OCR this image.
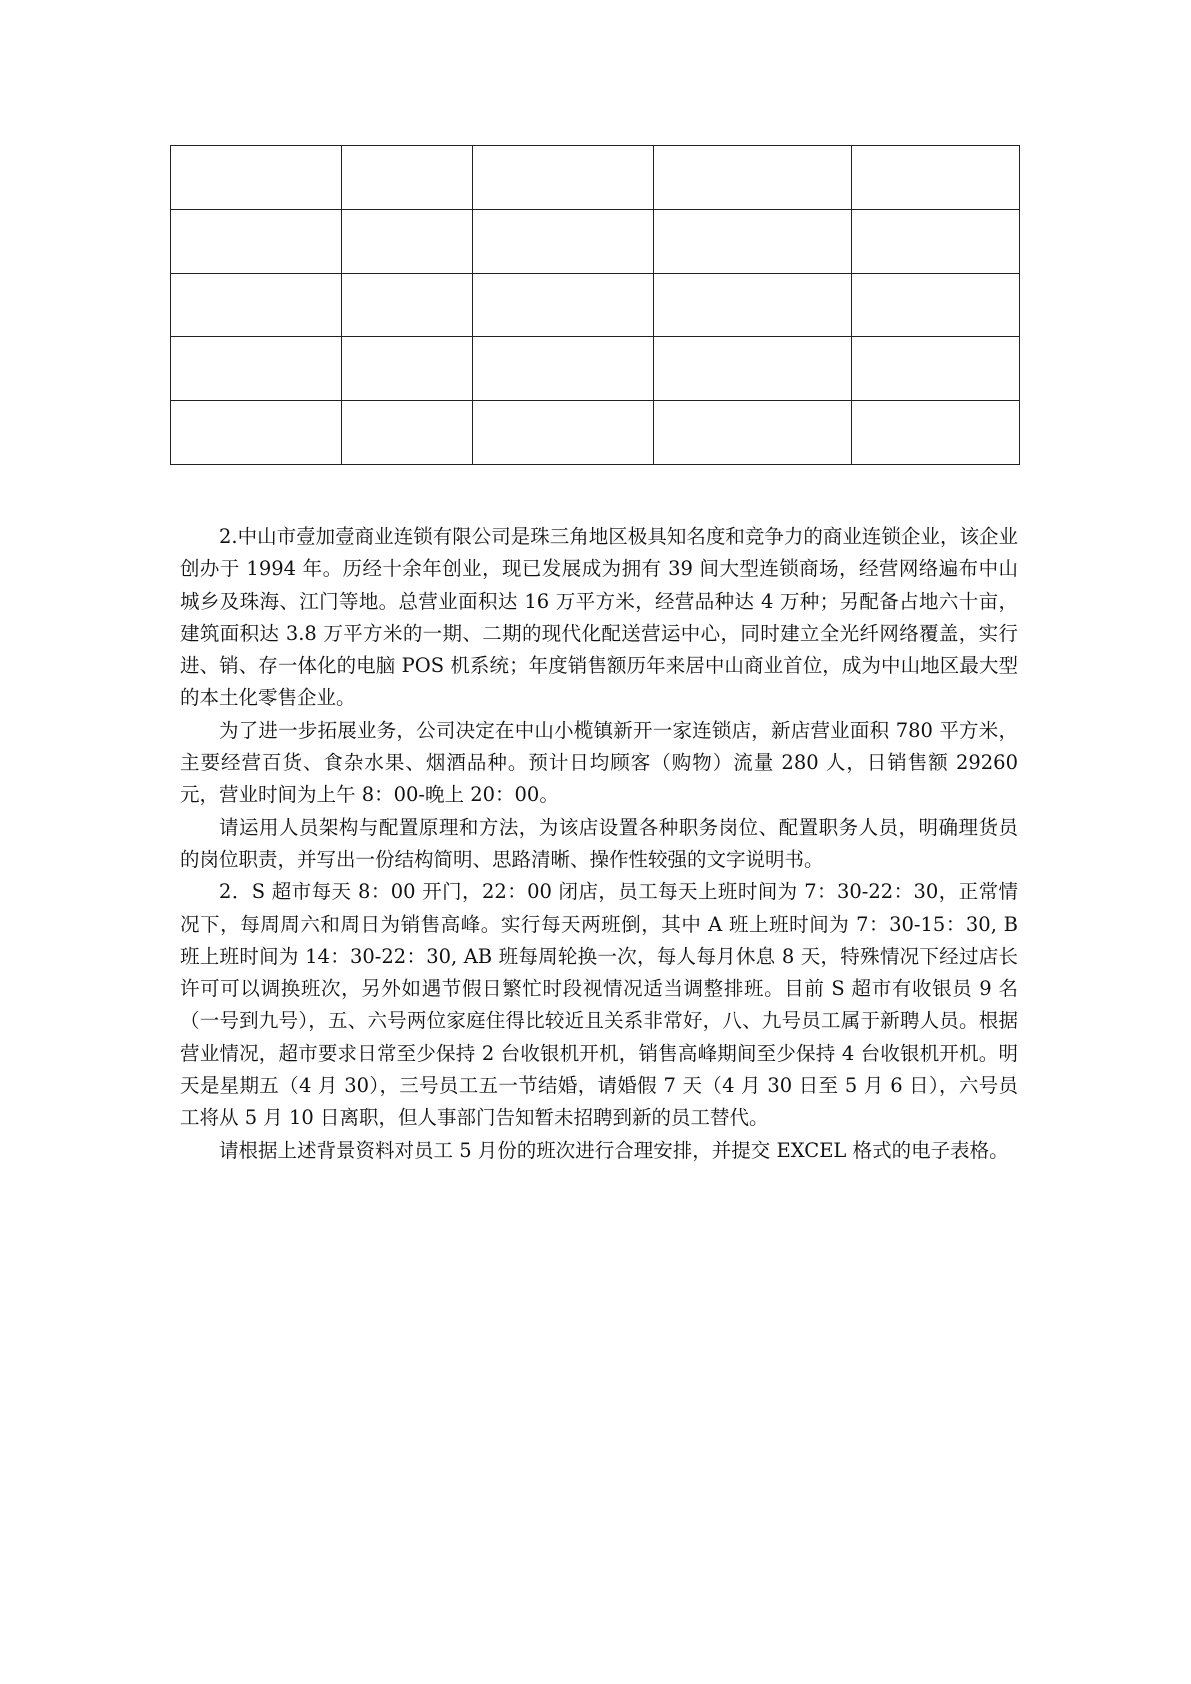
2.中山市壹加壹商业连锁有限公司是珠三角地区极具知名度和竞争力的商业连锁企业，该企业创办于 1994 年。历经十余年创业，现已发展成为拥有 39 间大型连锁商场，经营网络遍布中山城乡及珠海、江门等地。总营业面积达 16 万平方米，经营品种达 4 万种；另配备占地六十亩，建筑面积达 3.8 万平方米的一期、二期的现代化配送营运中心，同时建立全光纤网络覆盖，实行进、销、存一体化的电脑 POS 机系统；年度销售额历年来居中山商业首位，成为中山地区最大型的本土化零售企业。

为了进一步拓展业务，公司决定在中山小榄镇新开一家连锁店，新店营业面积 780 平方米，主要经营百货、食杂水果、烟酒品种。预计日均顾客（购物）流量 280 人，日销售额 29260 元，营业时间为上午 8：00-晚上 20：00。

请运用人员架构与配置原理和方法，为该店设置各种职务岗位、配置职务人员，明确理货员的岗位职责，并写出一份结构简明、思路清晰、操作性较强的文字说明书。

2．S 超市每天 8：00 开门，22：00 闭店，员工每天上班时间为 7：30-22：30，正常情况下，每周周六和周日为销售高峰。实行每天两班倒，其中 A 班上班时间为 7：30-15：30, B 班上班时间为 14：30-22：30, AB 班每周轮换一次，每人每月休息 8 天，特殊情况下经过店长许可可以调换班次，另外如遇节假日繁忙时段视情况适当调整排班。目前 S 超市有收银员 9 名（一号到九号），五、六号两位家庭住得比较近且关系非常好，八、九号员工属于新聘人员。根据营业情况，超市要求日常至少保持 2 台收银机开机，销售高峰期间至少保持 4 台收银机开机。明天是星期五（4 月 30），三号员工五一节结婚，请婚假 7 天（4 月 30 日至 5 月 6 日），六号员工将从 5 月 10 日离职，但人事部门告知暂未招聘到新的员工替代。

请根据上述背景资料对员工 5 月份的班次进行合理安排，并提交 EXCEL 格式的电子表格。
